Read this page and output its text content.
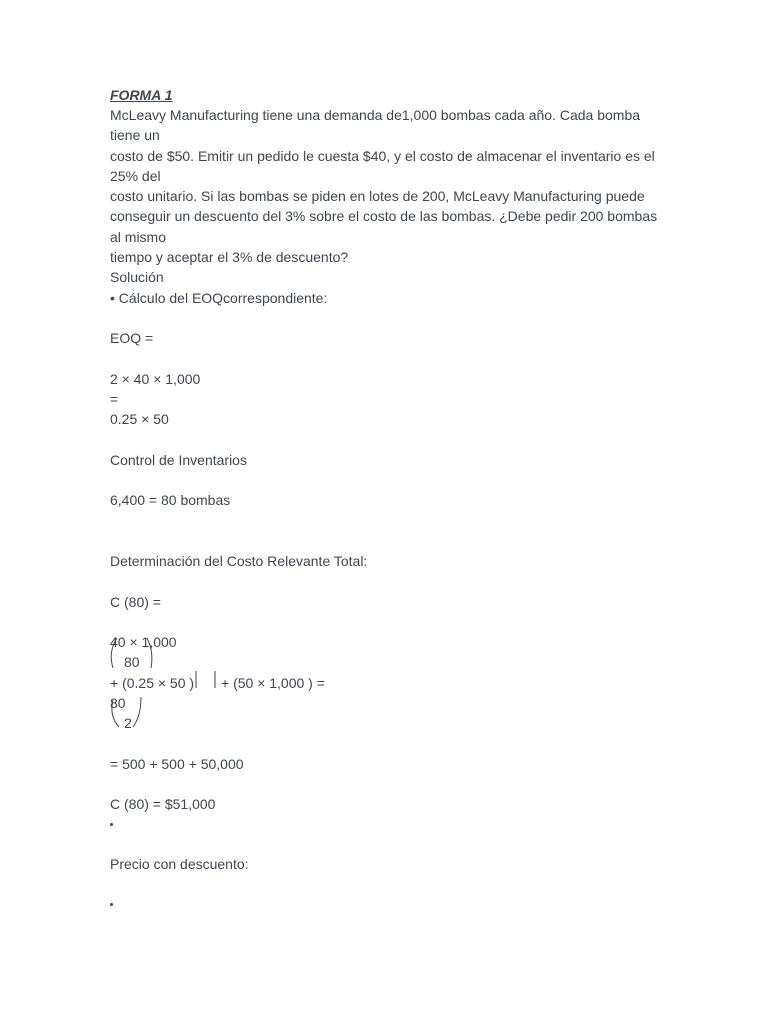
FORMA 1
McLeavy Manufacturing tiene una demanda de1,000 bombas cada año. Cada bomba
tiene un
costo de $50. Emitir un pedido le cuesta $40, y el costo de almacenar el inventario es el
25% del
costo unitario. Si las bombas se piden en lotes de 200, McLeavy Manufacturing puede
conseguir un descuento del 3% sobre el costo de las bombas. ¿Debe pedir 200 bombas
al mismo
tiempo y aceptar el 3% de descuento?
Solución
• Cálculo del EOQcorrespondiente:
EOQ =
2 × 40 × 1,000
=
0.25 × 50
Control de Inventarios
6,400 = 80 bombas
Determinación del Costo Relevante Total:
C (80) =
40 × 1,000
80
+ (0.25 × 50 ) + (50 × 1,000 ) =
80
2
= 500 + 500 + 50,000
C (80) = $51,000
Precio con descuento:
